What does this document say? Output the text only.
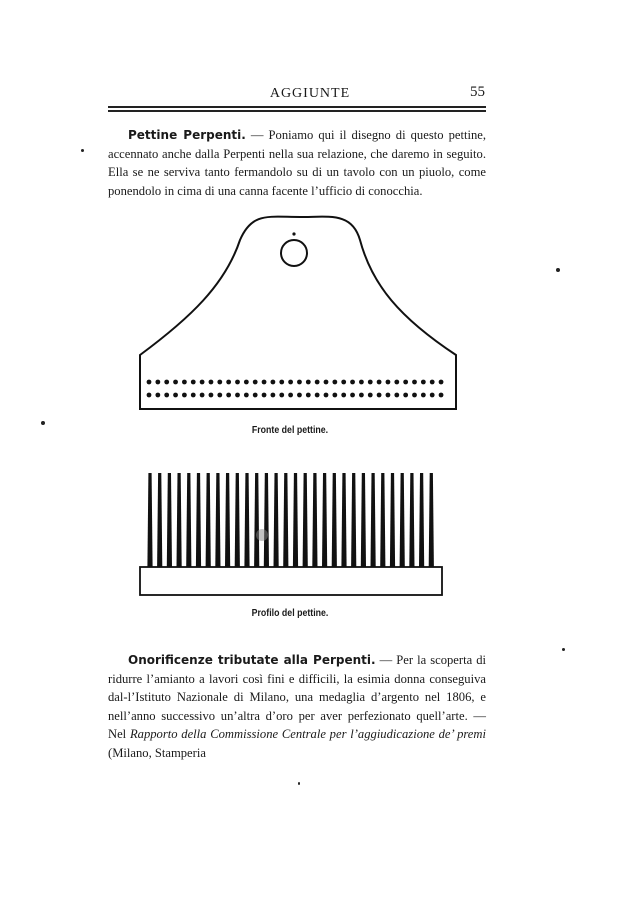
AGGIUNTE	55

Pettine Perpenti. — Poniamo qui il disegno di questo pettine, accennato anche dalla Perpenti nella sua relazione, che daremo in seguito. Ella se ne serviva tanto fermandolo su di un tavolo con un piuolo, come ponendolo in cima di una canna facente l’ufficio di conocchia.

Fronte del pettine.
Profilo del pettine.

Onorificenze tributate alla Perpenti. — Per la scoperta di ridurre l’amianto a lavori così fini e difficili, la esimia donna conseguiva dal-l’Istituto Nazionale di Milano, una medaglia d’argento nel 1806, e nell’anno successivo un’altra d’oro per aver perfezionato quell’arte. — Nel Rapporto della Commissione Centrale per l’aggiudicazione de’ premi (Milano, Stamperia
